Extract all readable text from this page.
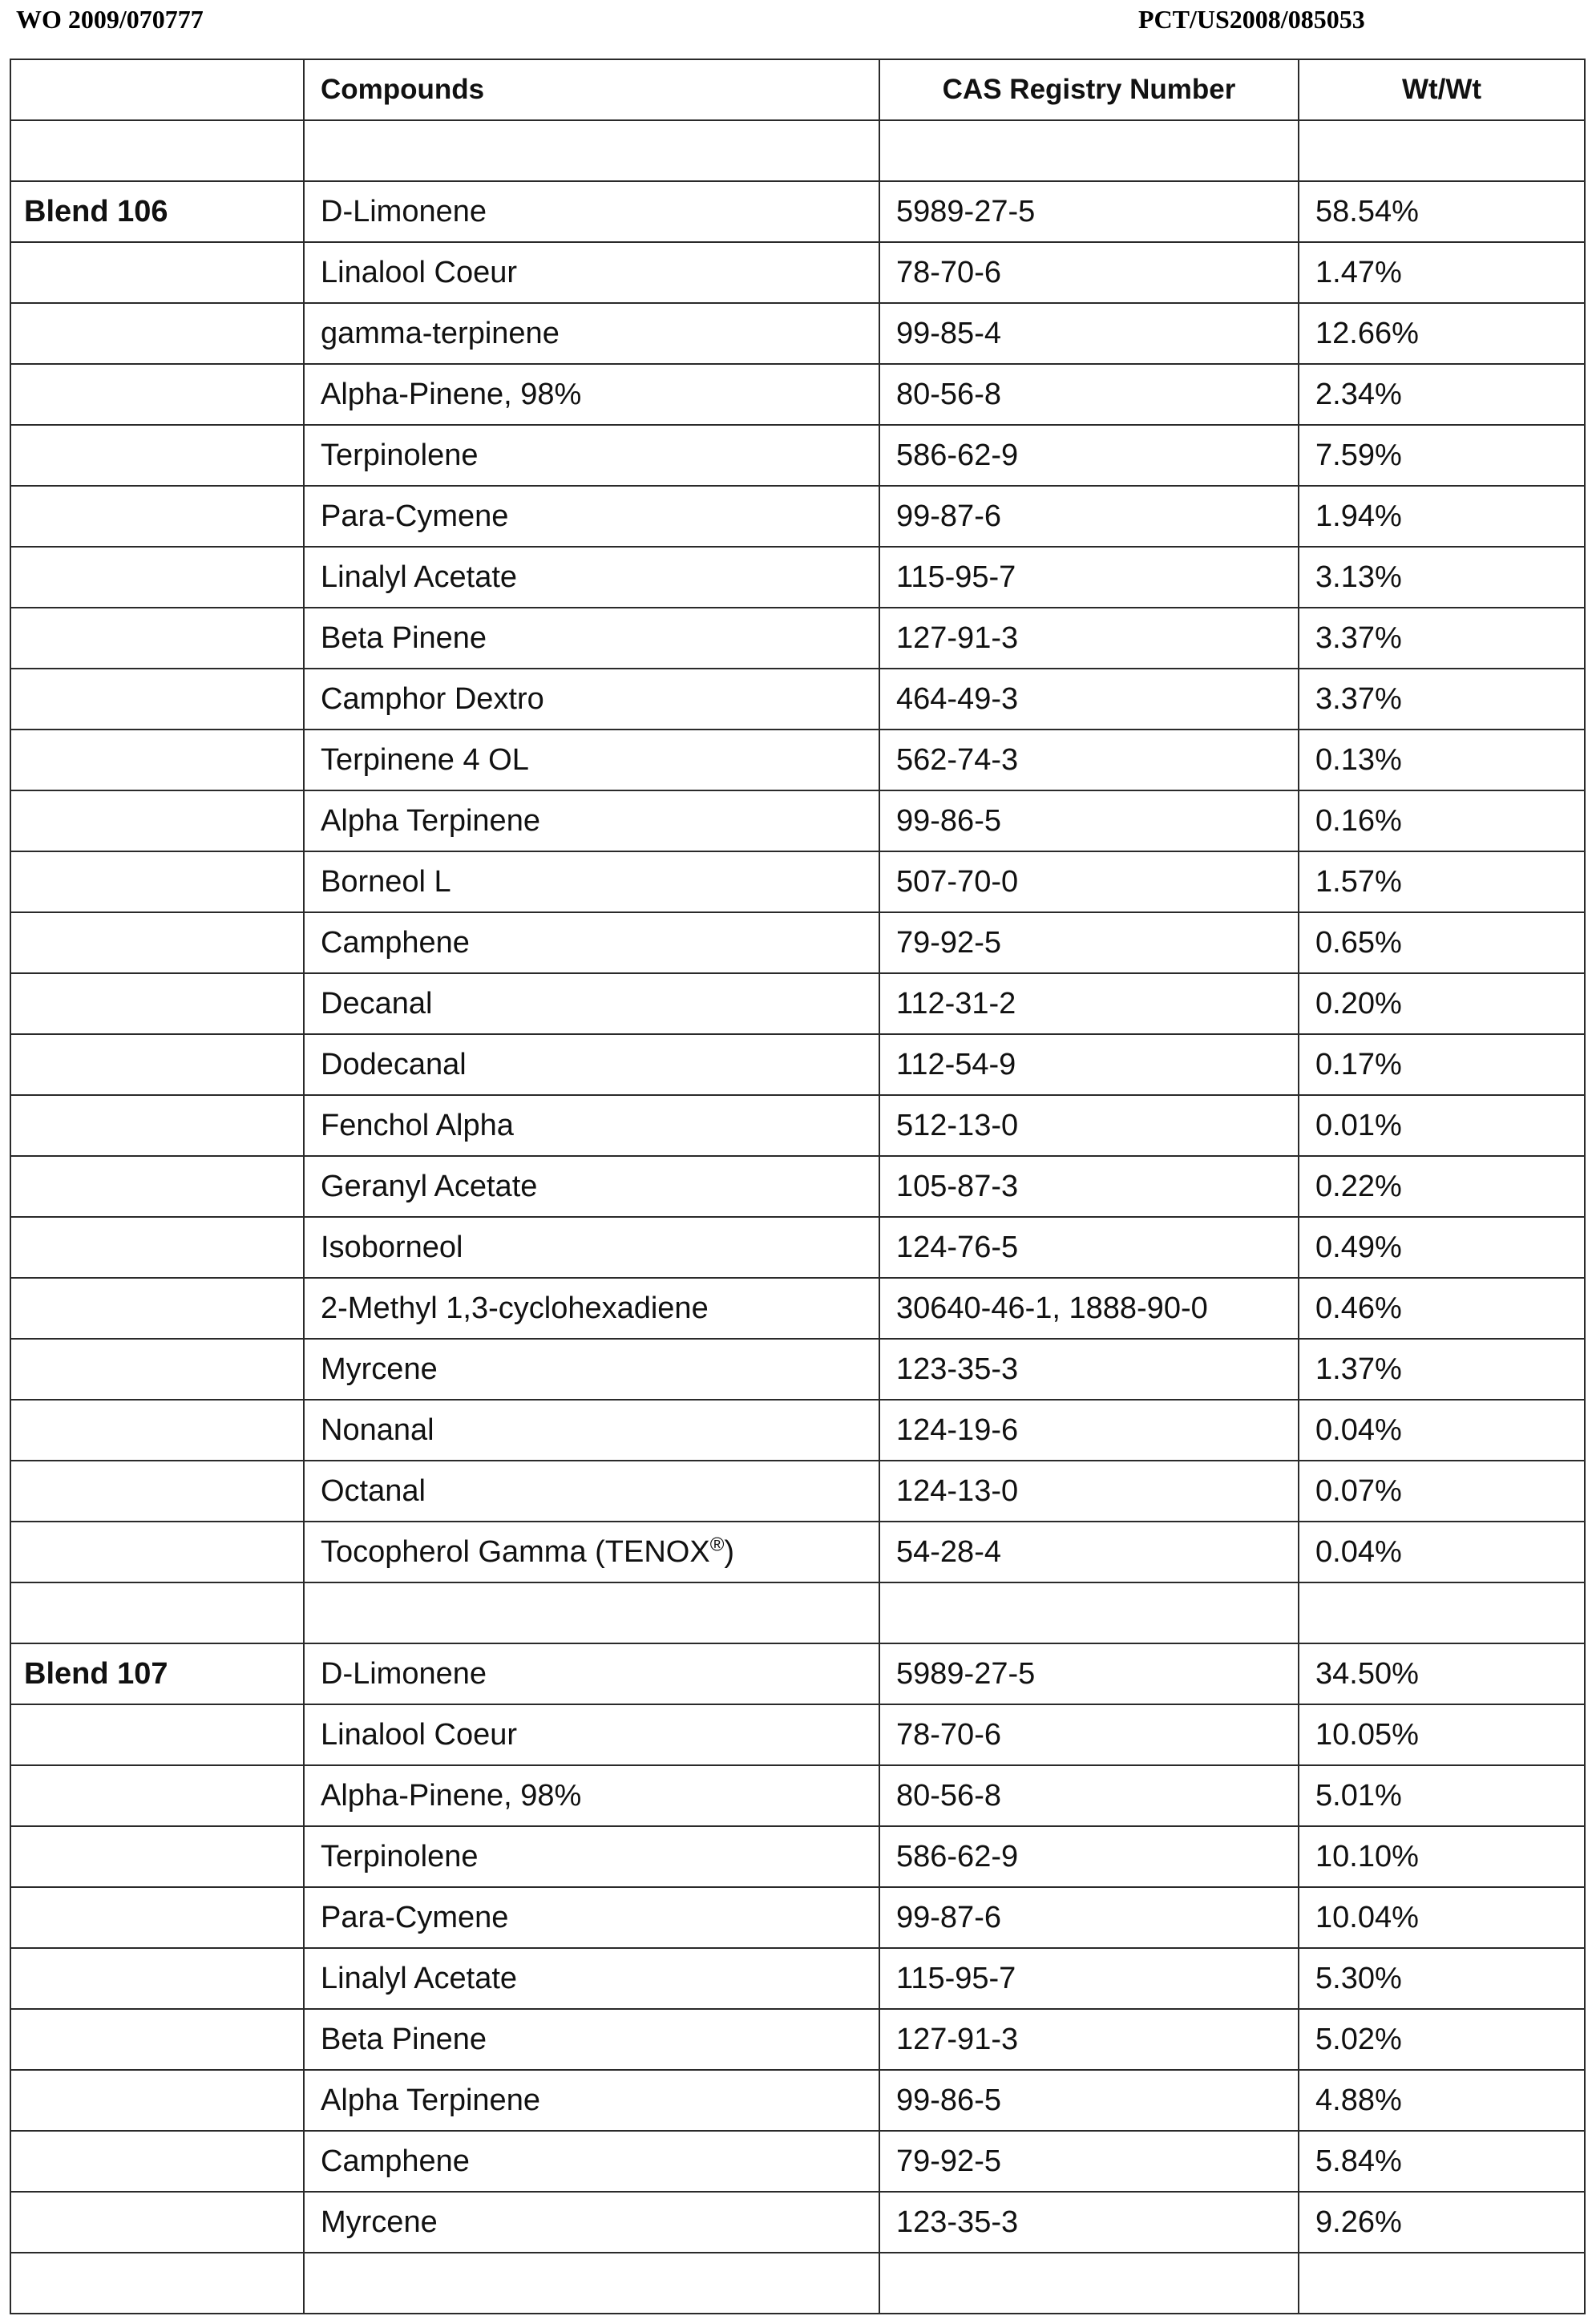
WO 2009/070777	PCT/US2008/085053
	Compounds	CAS Registry Number	Wt/Wt

Blend 106	D-Limonene	5989-27-5	58.54%
	Linalool Coeur	78-70-6	1.47%
	gamma-terpinene	99-85-4	12.66%
	Alpha-Pinene, 98%	80-56-8	2.34%
	Terpinolene	586-62-9	7.59%
	Para-Cymene	99-87-6	1.94%
	Linalyl Acetate	115-95-7	3.13%
	Beta Pinene	127-91-3	3.37%
	Camphor Dextro	464-49-3	3.37%
	Terpinene 4 OL	562-74-3	0.13%
	Alpha Terpinene	99-86-5	0.16%
	Borneol L	507-70-0	1.57%
	Camphene	79-92-5	0.65%
	Decanal	112-31-2	0.20%
	Dodecanal	112-54-9	0.17%
	Fenchol Alpha	512-13-0	0.01%
	Geranyl Acetate	105-87-3	0.22%
	Isoborneol	124-76-5	0.49%
	2-Methyl 1,3-cyclohexadiene	30640-46-1, 1888-90-0	0.46%
	Myrcene	123-35-3	1.37%
	Nonanal	124-19-6	0.04%
	Octanal	124-13-0	0.07%
	Tocopherol Gamma (TENOX®)	54-28-4	0.04%

Blend 107	D-Limonene	5989-27-5	34.50%
	Linalool Coeur	78-70-6	10.05%
	Alpha-Pinene, 98%	80-56-8	5.01%
	Terpinolene	586-62-9	10.10%
	Para-Cymene	99-87-6	10.04%
	Linalyl Acetate	115-95-7	5.30%
	Beta Pinene	127-91-3	5.02%
	Alpha Terpinene	99-86-5	4.88%
	Camphene	79-92-5	5.84%
	Myrcene	123-35-3	9.26%
